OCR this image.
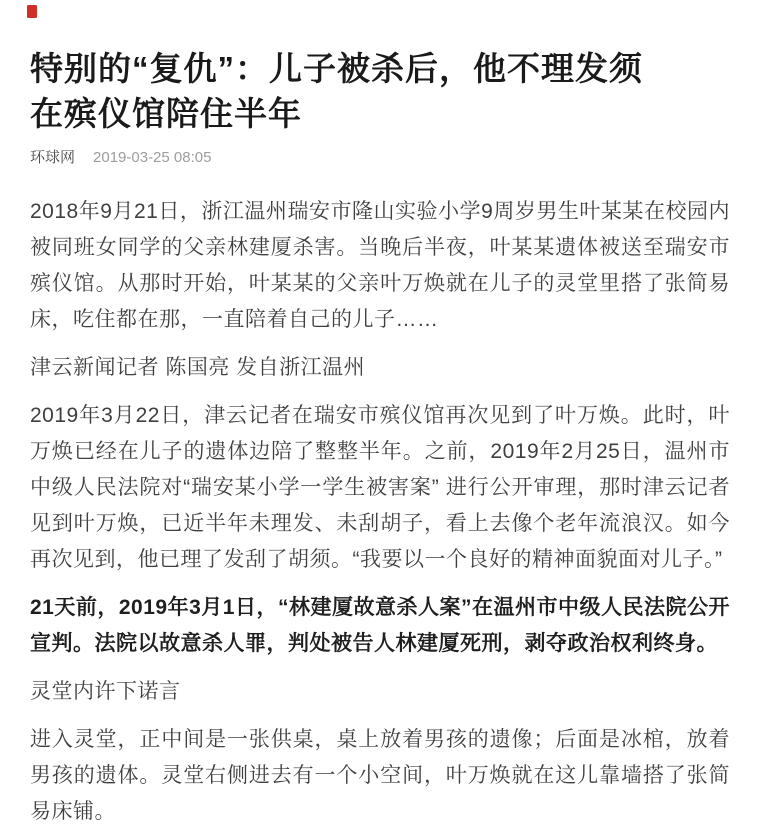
特别的“复仇”：儿子被杀后，他不理发须
在殡仪馆陪住半年
环球网 2019-03-25 08:05

2018年9月21日，浙江温州瑞安市隆山实验小学9周岁男生叶某某在校园内被同班女同学的父亲林建厦杀害。当晚后半夜，叶某某遗体被送至瑞安市殡仪馆。从那时开始，叶某某的父亲叶万焕就在儿子的灵堂里搭了张简易床，吃住都在那，一直陪着自己的儿子……

津云新闻记者 陈国亮 发自浙江温州

2019年3月22日，津云记者在瑞安市殡仪馆再次见到了叶万焕。此时，叶万焕已经在儿子的遗体边陪了整整半年。之前，2019年2月25日，温州市中级人民法院对“瑞安某小学一学生被害案” 进行公开审理，那时津云记者见到叶万焕，已近半年未理发、未刮胡子，看上去像个老年流浪汉。如今再次见到，他已理了发刮了胡须。“我要以一个良好的精神面貌面对儿子。”

21天前，2019年3月1日，“林建厦故意杀人案”在温州市中级人民法院公开宣判。法院以故意杀人罪，判处被告人林建厦死刑，剥夺政治权利终身。

灵堂内许下诺言

进入灵堂，正中间是一张供桌，桌上放着男孩的遗像；后面是冰棺，放着男孩的遗体。灵堂右侧进去有一个小空间，叶万焕就在这儿靠墙搭了张简易床铺。
